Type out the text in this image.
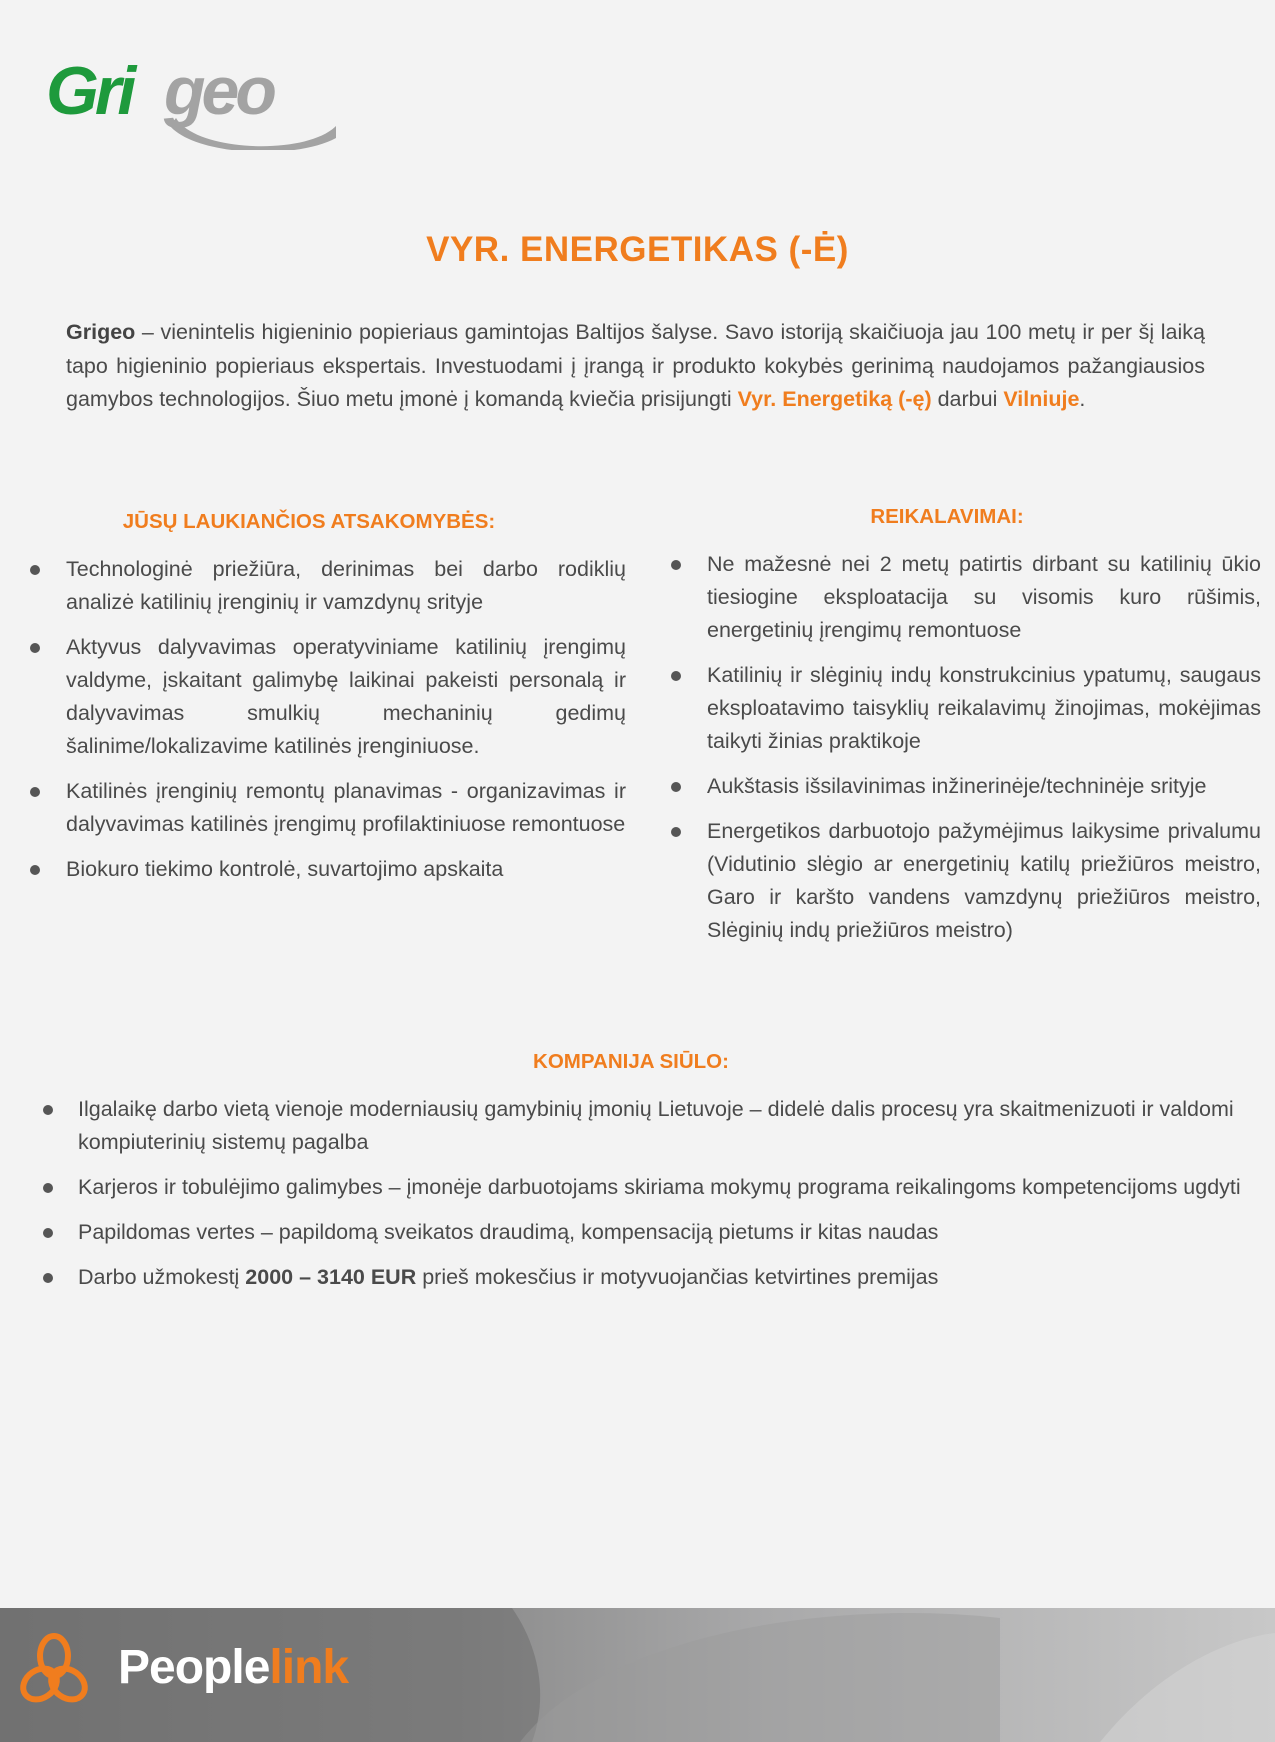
Gri geo
VYR. ENERGETIKAS (-Ė)

Grigeo – vienintelis higieninio popieriaus gamintojas Baltijos šalyse. Savo istoriją skaičiuoja jau 100 metų ir per šį laiką tapo higieninio popieriaus ekspertais. Investuodami į įrangą ir produkto kokybės gerinimą naudojamos pažangiausios gamybos technologijos. Šiuo metu įmonė į komandą kviečia prisijungti Vyr. Energetiką (-ę) darbui Vilniuje.

JŪSŲ LAUKIANČIOS ATSAKOMYBĖS:
Technologinė priežiūra, derinimas bei darbo rodiklių analizė katilinių įrenginių ir vamzdynų srityje
Aktyvus dalyvavimas operatyviniame katilinių įrengimų valdyme, įskaitant galimybę laikinai pakeisti personalą ir dalyvavimas smulkių mechaninių gedimų šalinime/lokalizavime katilinės įrenginiuose.
Katilinės įrenginių remontų planavimas - organizavimas ir dalyvavimas katilinės įrengimų profilaktiniuose remontuose
Biokuro tiekimo kontrolė, suvartojimo apskaita
REIKALAVIMAI:
Ne mažesnė nei 2 metų patirtis dirbant su katilinių ūkio tiesiogine eksploatacija su visomis kuro rūšimis, energetinių įrengimų remontuose
Katilinių ir slėginių indų konstrukcinius ypatumų, saugaus eksploatavimo taisyklių reikalavimų žinojimas, mokėjimas taikyti žinias praktikoje
Aukštasis išsilavinimas inžinerinėje/techninėje srityje
Energetikos darbuotojo pažymėjimus laikysime privalumu (Vidutinio slėgio ar energetinių katilų priežiūros meistro, Garo ir karšto vandens vamzdynų priežiūros meistro, Slėginių indų priežiūros meistro)
KOMPANIJA SIŪLO:
Ilgalaikę darbo vietą vienoje moderniausių gamybinių įmonių Lietuvoje – didelė dalis procesų yra skaitmenizuoti ir valdomi kompiuterinių sistemų pagalba
Karjeros ir tobulėjimo galimybes – įmonėje darbuotojams skiriama mokymų programa reikalingoms kompetencijoms ugdyti
Papildomas vertes – papildomą sveikatos draudimą, kompensaciją pietums ir kitas naudas
Darbo užmokestį 2000 – 3140 EUR prieš mokesčius ir motyvuojančias ketvirtines premijas
Peoplelink
